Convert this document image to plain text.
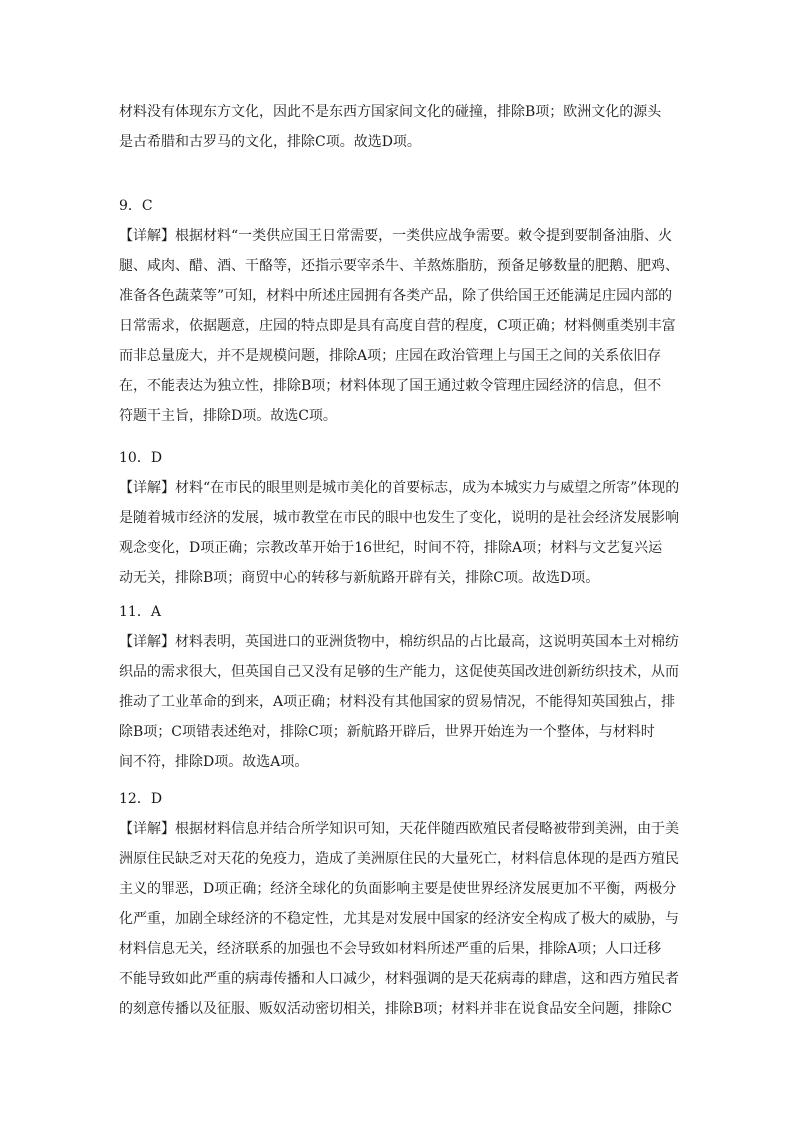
材料没有体现东方文化，因此不是东西方国家间文化的碰撞，排除B项；欧洲文化的源头
是古希腊和古罗马的文化，排除C项。故选D项。
9．C
【详解】根据材料“一类供应国王日常需要，一类供应战争需要。敕令提到要制备油脂、火
腿、咸肉、醋、酒、干酪等，还指示要宰杀牛、羊熬炼脂肪，预备足够数量的肥鹅、肥鸡、
准备各色蔬菜等”可知，材料中所述庄园拥有各类产品，除了供给国王还能满足庄园内部的
日常需求，依据题意，庄园的特点即是具有高度自营的程度，C项正确；材料侧重类别丰富
而非总量庞大，并不是规模问题，排除A项；庄园在政治管理上与国王之间的关系依旧存
在，不能表达为独立性，排除B项；材料体现了国王通过敕令管理庄园经济的信息，但不
符题干主旨，排除D项。故选C项。
10．D
【详解】材料“在市民的眼里则是城市美化的首要标志，成为本城实力与威望之所寄”体现的
是随着城市经济的发展，城市教堂在市民的眼中也发生了变化，说明的是社会经济发展影响
观念变化，D项正确；宗教改革开始于16世纪，时间不符，排除A项；材料与文艺复兴运
动无关，排除B项；商贸中心的转移与新航路开辟有关，排除C项。故选D项。
11．A
【详解】材料表明，英国进口的亚洲货物中，棉纺织品的占比最高，这说明英国本土对棉纺
织品的需求很大，但英国自己又没有足够的生产能力，这促使英国改进创新纺织技术，从而
推动了工业革命的到来，A项正确；材料没有其他国家的贸易情况，不能得知英国独占，排
除B项；C项错表述绝对，排除C项；新航路开辟后，世界开始连为一个整体，与材料时
间不符，排除D项。故选A项。
12．D
【详解】根据材料信息并结合所学知识可知，天花伴随西欧殖民者侵略被带到美洲，由于美
洲原住民缺乏对天花的免疫力，造成了美洲原住民的大量死亡，材料信息体现的是西方殖民
主义的罪恶，D项正确；经济全球化的负面影响主要是使世界经济发展更加不平衡，两极分
化严重，加剧全球经济的不稳定性，尤其是对发展中国家的经济安全构成了极大的威胁，与
材料信息无关，经济联系的加强也不会导致如材料所述严重的后果，排除A项；人口迁移
不能导致如此严重的病毒传播和人口减少，材料强调的是天花病毒的肆虐，这和西方殖民者
的刻意传播以及征服、贩奴活动密切相关，排除B项；材料并非在说食品安全问题，排除C
